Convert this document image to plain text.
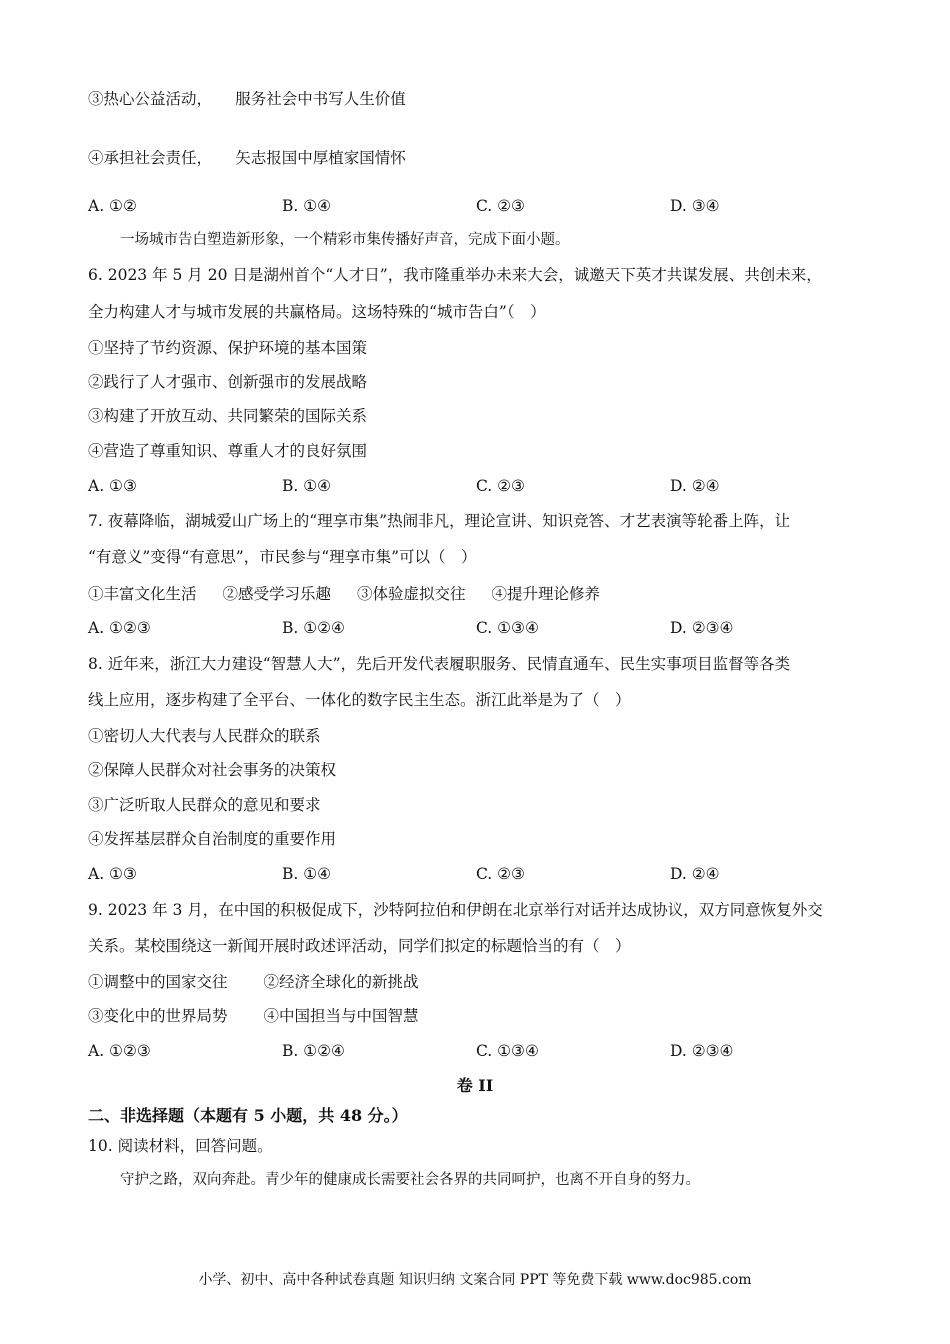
③热心公益活动，　　服务社会中书写人生价值
④承担社会责任，　　矢志报国中厚植家国情怀
A. ①②	B. ①④	C. ②③	D. ③④
一场城市告白塑造新形象，一个精彩市集传播好声音，完成下面小题。
6. 2023 年 5 月 20 日是湖州首个“人才日”，我市隆重举办未来大会，诚邀天下英才共谋发展、共创未来，
全力构建人才与城市发展的共赢格局。这场特殊的“城市告白”（　）
①坚持了节约资源、保护环境的基本国策
②践行了人才强市、创新强市的发展战略
③构建了开放互动、共同繁荣的国际关系
④营造了尊重知识、尊重人才的良好氛围
A. ①③	B. ①④	C. ②③	D. ②④
7. 夜幕降临，湖城爱山广场上的“理享市集”热闹非凡，理论宣讲、知识竞答、才艺表演等轮番上阵，让
“有意义”变得“有意思”，市民参与“理享市集”可以（　）
①丰富文化生活 ②感受学习乐趣 ③体验虚拟交往 ④提升理论修养
A. ①②③	B. ①②④	C. ①③④	D. ②③④
8. 近年来，浙江大力建设“智慧人大”，先后开发代表履职服务、民情直通车、民生实事项目监督等各类
线上应用，逐步构建了全平台、一体化的数字民主生态。浙江此举是为了（　）
①密切人大代表与人民群众的联系
②保障人民群众对社会事务的决策权
③广泛听取人民群众的意见和要求
④发挥基层群众自治制度的重要作用
A. ①③	B. ①④	C. ②③	D. ②④
9. 2023 年 3 月，在中国的积极促成下，沙特阿拉伯和伊朗在北京举行对话并达成协议，双方同意恢复外交
关系。某校围绕这一新闻开展时政述评活动，同学们拟定的标题恰当的有（　）
③变化中的世界局势 ④中国担当与中国智慧
①调整中的国家交往 ②经济全球化的新挑战
A. ①②③	B. ①②④	C. ①③④	D. ②③④
卷 II
二、非选择题（本题有 5 小题，共 48 分。）
10. 阅读材料，回答问题。
守护之路，双向奔赴。青少年的健康成长需要社会各界的共同呵护，也离不开自身的努力。
小学、初中、高中各种试卷真题 知识归纳 文案合同 PPT 等免费下载 www.doc985.com
